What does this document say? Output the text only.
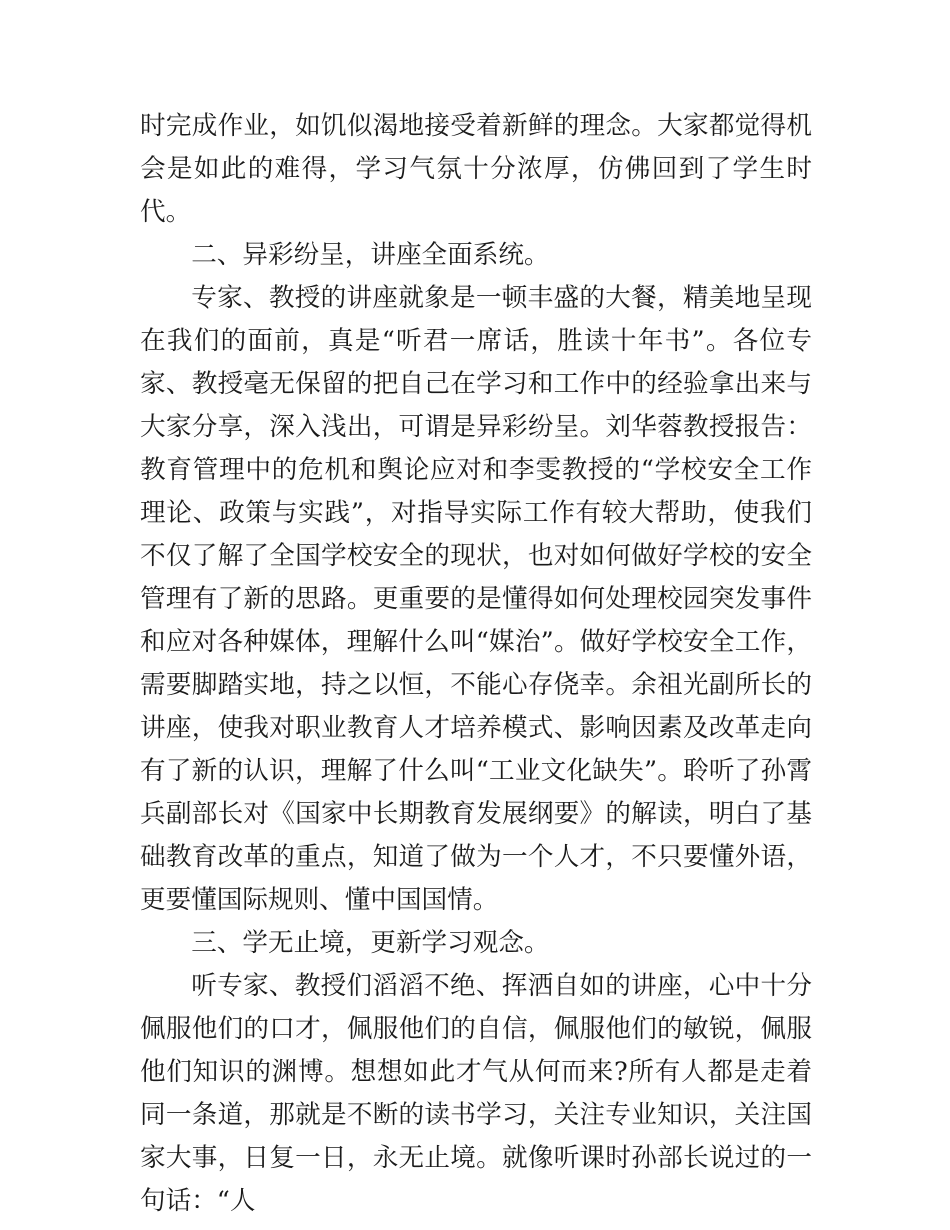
时完成作业，如饥似渴地接受着新鲜的理念。大家都觉得机会是如此的难得，学习气氛十分浓厚，仿佛回到了学生时代。

二、异彩纷呈，讲座全面系统。

专家、教授的讲座就象是一顿丰盛的大餐，精美地呈现在我们的面前，真是“听君一席话，胜读十年书”。各位专家、教授毫无保留的把自己在学习和工作中的经验拿出来与大家分享，深入浅出，可谓是异彩纷呈。刘华蓉教授报告：教育管理中的危机和舆论应对和李雯教授的“学校安全工作理论、政策与实践”，对指导实际工作有较大帮助，使我们不仅了解了全国学校安全的现状，也对如何做好学校的安全管理有了新的思路。更重要的是懂得如何处理校园突发事件和应对各种媒体，理解什么叫“媒治”。做好学校安全工作，需要脚踏实地，持之以恒，不能心存侥幸。余祖光副所长的讲座，使我对职业教育人才培养模式、影响因素及改革走向有了新的认识，理解了什么叫“工业文化缺失”。聆听了孙霄兵副部长对《国家中长期教育发展纲要》的解读，明白了基础教育改革的重点，知道了做为一个人才，不只要懂外语，更要懂国际规则、懂中国国情。

三、学无止境，更新学习观念。

听专家、教授们滔滔不绝、挥洒自如的讲座，心中十分佩服他们的口才，佩服他们的自信，佩服他们的敏锐，佩服他们知识的渊博。想想如此才气从何而来?所有人都是走着同一条道，那就是不断的读书学习，关注专业知识，关注国家大事，日复一日，永无止境。就像听课时孙部长说过的一句话：“人
